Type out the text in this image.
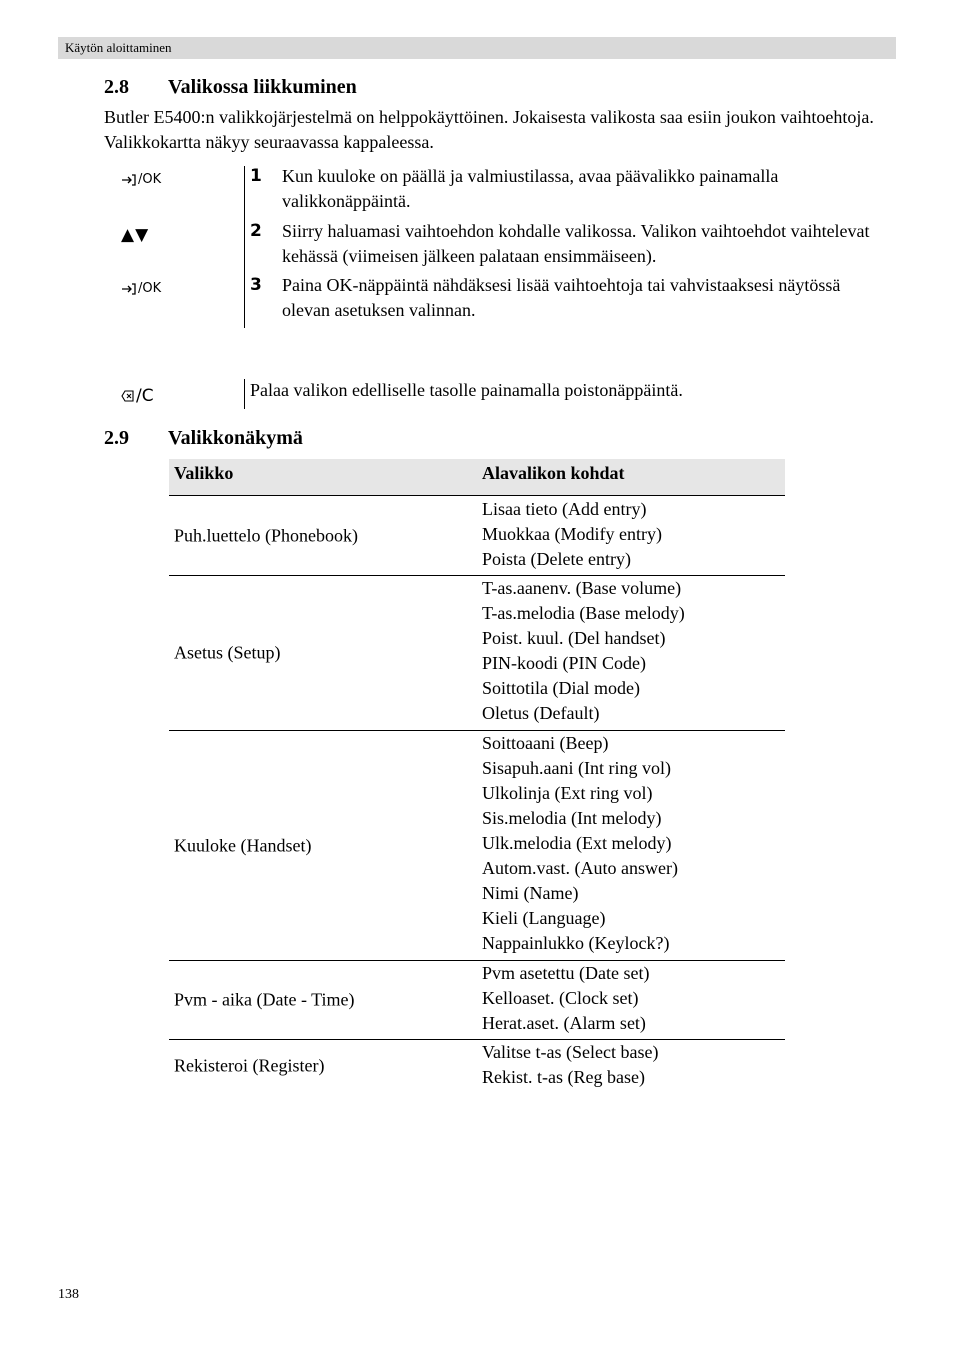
Käytön aloittaminen
2.8 Valikossa liikkuminen
Butler E5400:n valikkojärjestelmä on helppokäyttöinen. Jokaisesta valikosta saa esiin joukon vaihtoehtoja. Valikkokartta näkyy seuraavassa kappaleessa.
/OK
▲▼
/OK
1 Kun kuuloke on päällä ja valmiustilassa, avaa päävalikko painamalla valikkonäppäintä.
2 Siirry haluamasi vaihtoehdon kohdalle valikossa. Valikon vaihtoehdot vaihtelevat kehässä (viimeisen jälkeen palataan ensimmäiseen).
3 Paina OK-näppäintä nähdäksesi lisää vaihtoehtoja tai vahvistaaksesi näytössä olevan asetuksen valinnan.
/C	Palaa valikon edelliselle tasolle painamalla poistonäppäintä.
2.9 Valikkonäkymä
Valikko	Alavalikon kohdat
Puh.luettelo (Phonebook)
Lisaa tieto (Add entry)
Muokkaa (Modify entry)
Poista (Delete entry)
Asetus (Setup)
T-as.aanenv. (Base volume)
T-as.melodia (Base melody)
Poist. kuul. (Del handset)
PIN-koodi (PIN Code)
Soittotila (Dial mode)
Oletus (Default)
Kuuloke (Handset)
Soittoaani (Beep)
Sisapuh.aani (Int ring vol)
Ulkolinja (Ext ring vol)
Sis.melodia (Int melody)
Ulk.melodia (Ext melody)
Autom.vast. (Auto answer)
Nimi (Name)
Kieli (Language)
Nappainlukko (Keylock?)
Pvm - aika (Date - Time)
Pvm asetettu (Date set)
Kelloaset. (Clock set)
Herat.aset. (Alarm set)
Rekisteroi (Register)
Valitse t-as (Select base)
Rekist. t-as (Reg base)
138
